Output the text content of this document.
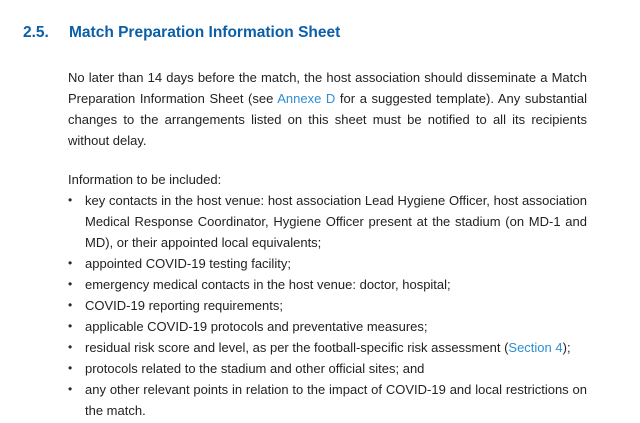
2.5. Match Preparation Information Sheet

No later than 14 days before the match, the host association should disseminate a Match Preparation Information Sheet (see Annexe D for a suggested template). Any substantial changes to the arrangements listed on this sheet must be notified to all its recipients without delay.

Information to be included:
• key contacts in the host venue: host association Lead Hygiene Officer, host association Medical Response Coordinator, Hygiene Officer present at the stadium (on MD-1 and MD), or their appointed local equivalents;
• appointed COVID-19 testing facility;
• emergency medical contacts in the host venue: doctor, hospital;
• COVID-19 reporting requirements;
• applicable COVID-19 protocols and preventative measures;
• residual risk score and level, as per the football-specific risk assessment (Section 4);
• protocols related to the stadium and other official sites; and
• any other relevant points in relation to the impact of COVID-19 and local restrictions on the match.
